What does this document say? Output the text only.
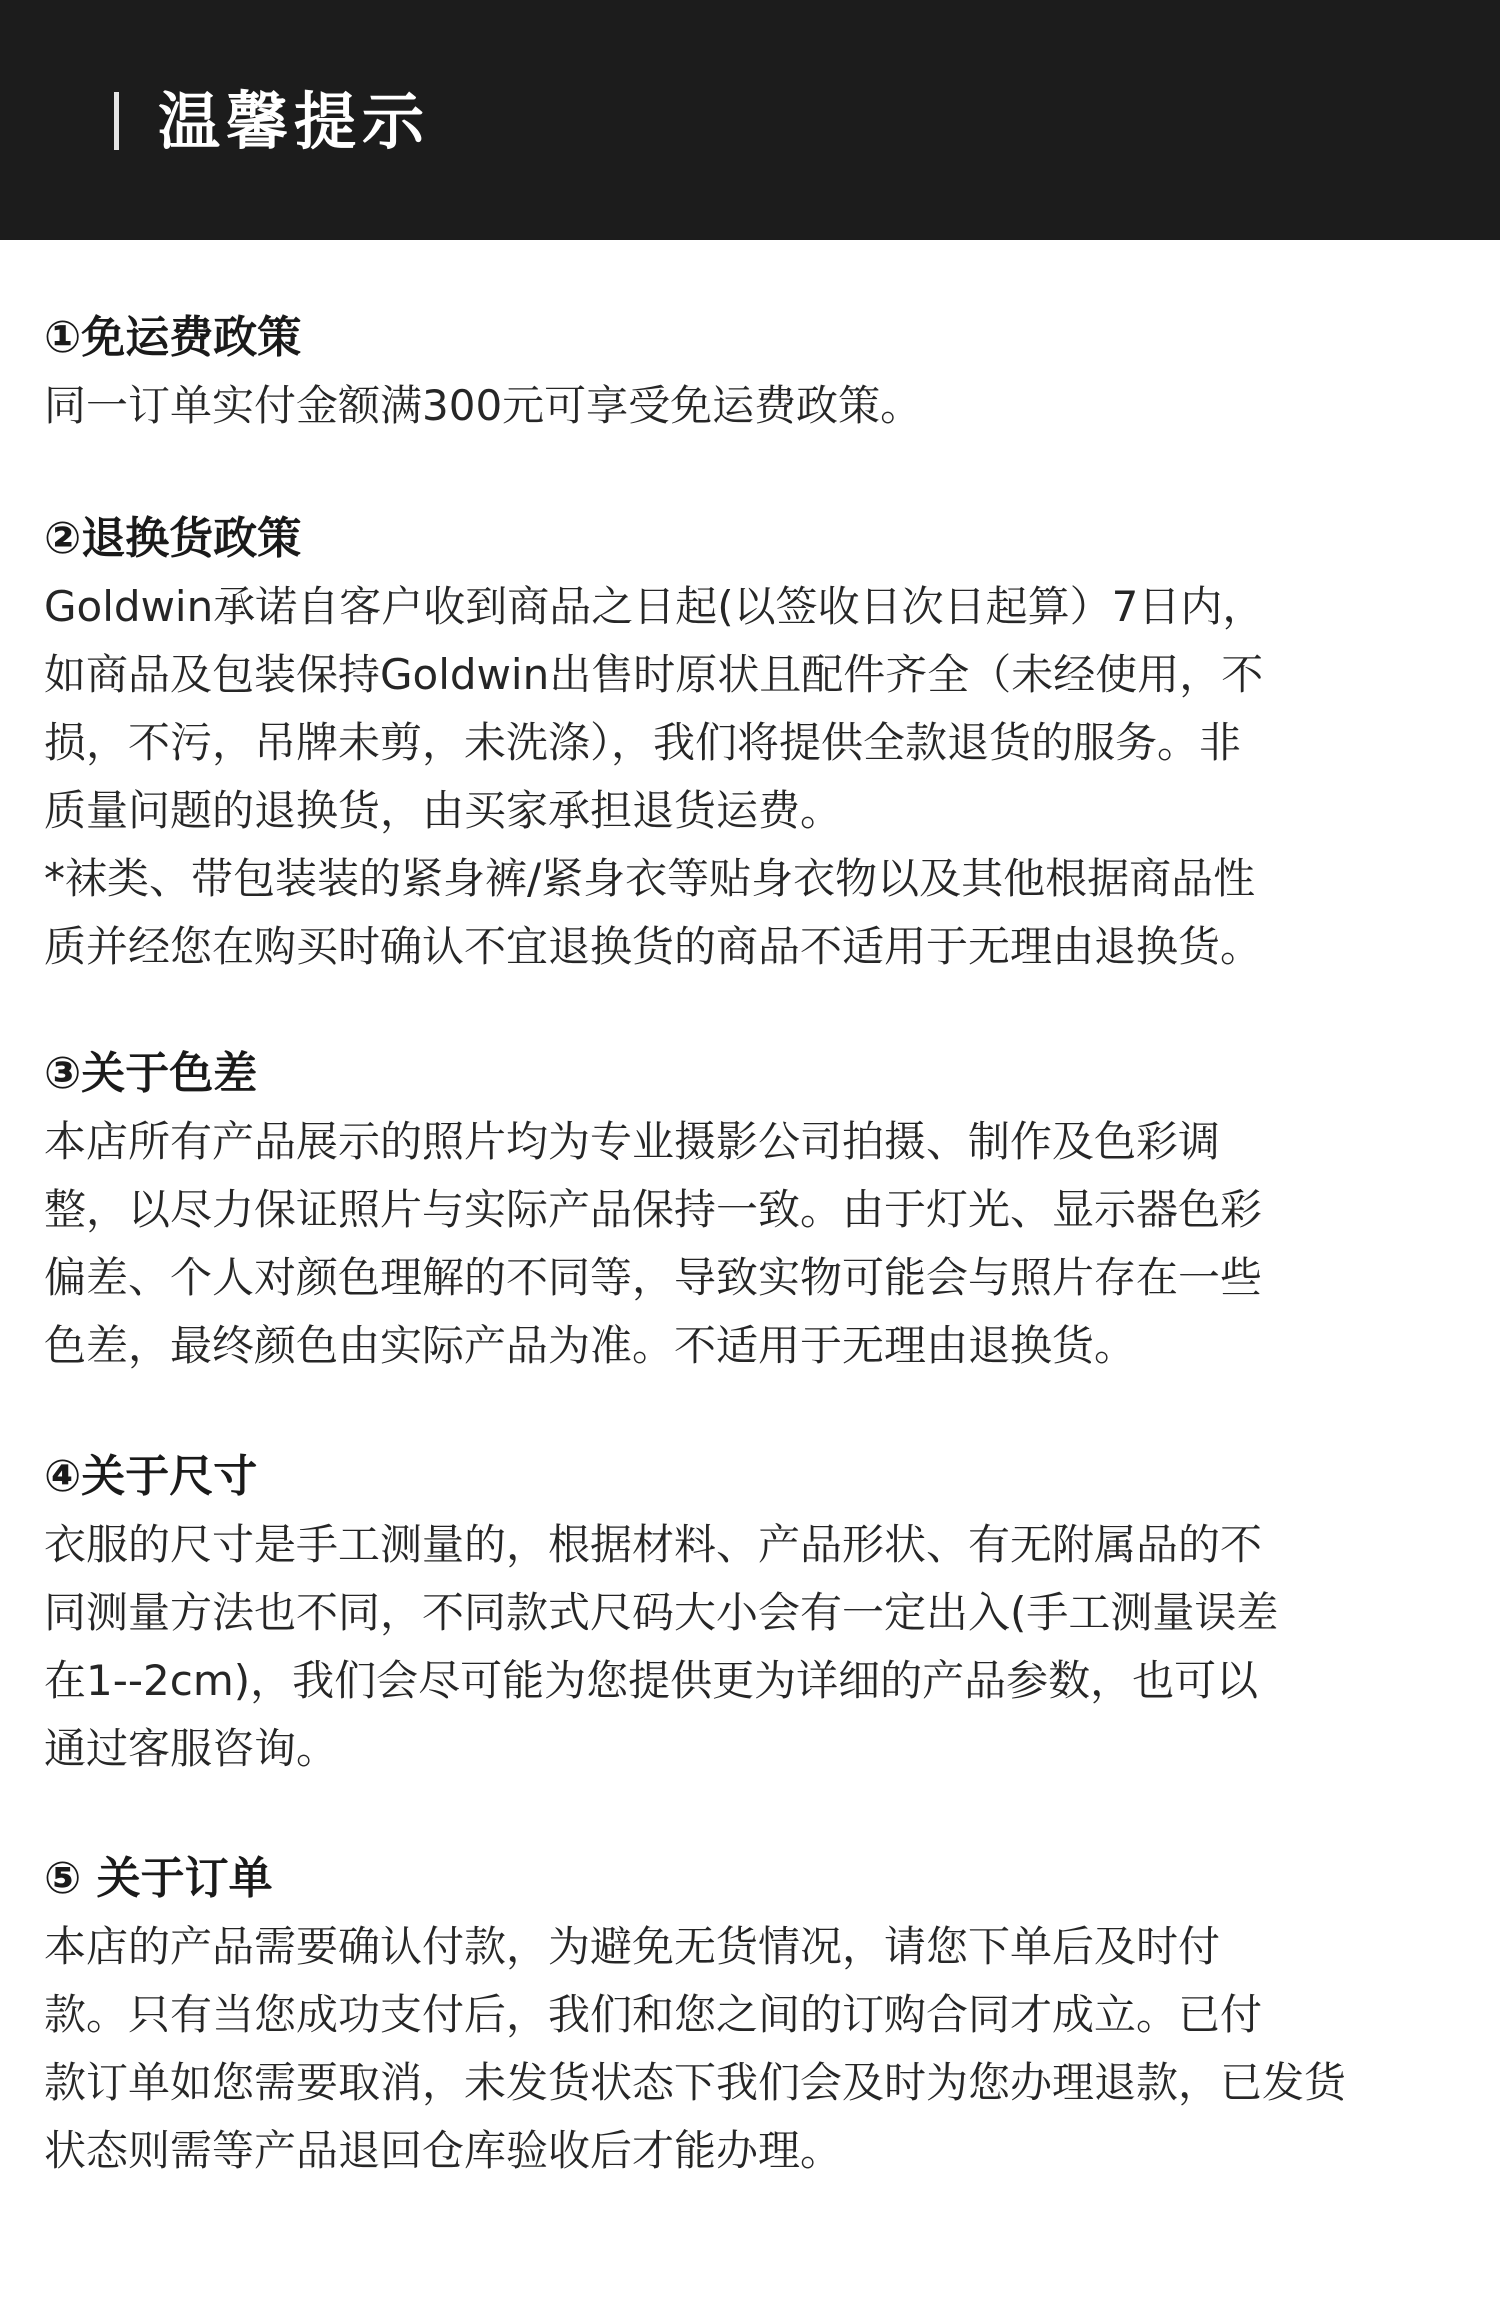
温馨提示
①免运费政策

同一订单实付金额满300元可享受免运费政策。

②退换货政策

Goldwin承诺自客户收到商品之日起(以签收日次日起算）7日内，

如商品及包装保持Goldwin出售时原状且配件齐全（未经使用，不

损，不污，吊牌未剪，未洗涤），我们将提供全款退货的服务。非

质量问题的退换货，由买家承担退货运费。

*袜类、带包装装的紧身裤/紧身衣等贴身衣物以及其他根据商品性

质并经您在购买时确认不宜退换货的商品不适用于无理由退换货。

③关于色差

本店所有产品展示的照片均为专业摄影公司拍摄、制作及色彩调

整，以尽力保证照片与实际产品保持一致。由于灯光、显示器色彩

偏差、个人对颜色理解的不同等，导致实物可能会与照片存在一些

色差，最终颜色由实际产品为准。不适用于无理由退换货。

④关于尺寸

衣服的尺寸是手工测量的，根据材料、产品形状、有无附属品的不

同测量方法也不同，不同款式尺码大小会有一定出入(手工测量误差

在1--2cm)，我们会尽可能为您提供更为详细的产品参数，也可以

通过客服咨询。

⑤ 关于订单

本店的产品需要确认付款，为避免无货情况，请您下单后及时付

款。只有当您成功支付后，我们和您之间的订购合同才成立。已付

款订单如您需要取消，未发货状态下我们会及时为您办理退款，已发货

状态则需等产品退回仓库验收后才能办理。
